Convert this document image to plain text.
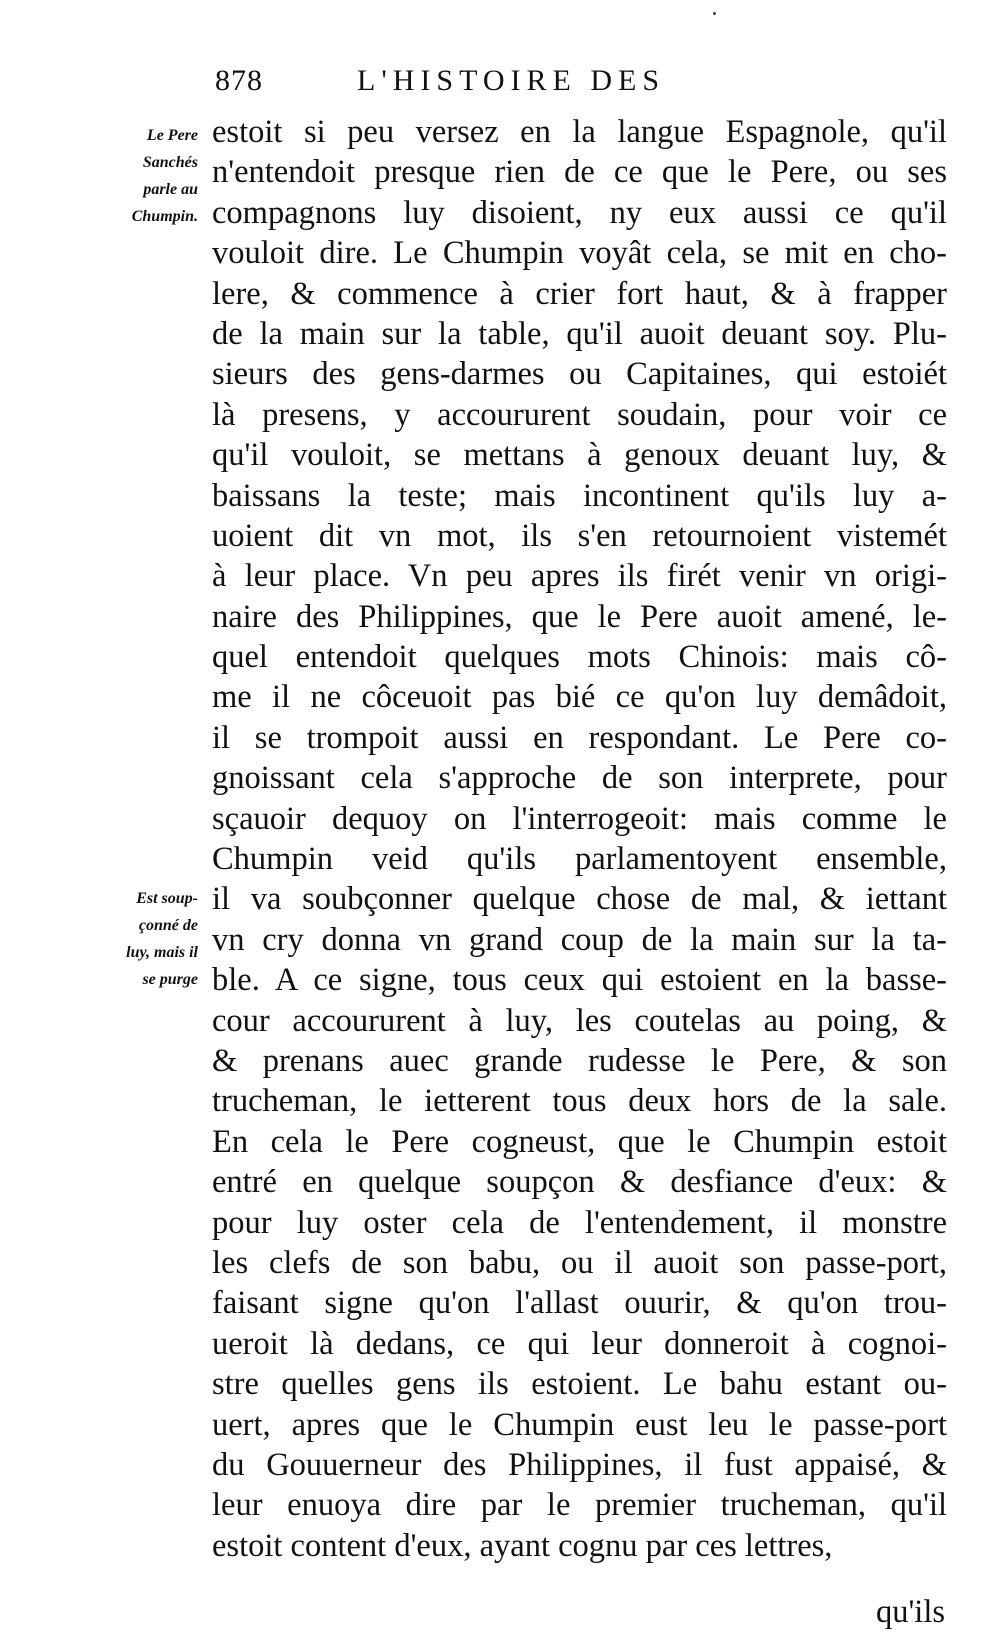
878	L'HISTOIRE DES
Le Pere
Sanchés
parle au
Chumpin.
Est soup-
çonné de
luy, mais il
se purge
estoit si peu versez en la langue Espagnole, qu'il
n'entendoit presque rien de ce que le Pere, ou ses
compagnons luy disoient, ny eux aussi ce qu'il
vouloit dire. Le Chumpin voyât cela, se mit en cho-
lere, & commence à crier fort haut, & à frapper
de la main sur la table, qu'il auoit deuant soy. Plu-
sieurs des gens-darmes ou Capitaines, qui estoiét
là presens, y accoururent soudain, pour voir ce
qu'il vouloit, se mettans à genoux deuant luy, &
baissans la teste; mais incontinent qu'ils luy a-
uoient dit vn mot, ils s'en retournoient vistemét
à leur place. Vn peu apres ils firét venir vn origi-
naire des Philippines, que le Pere auoit amené, le-
quel entendoit quelques mots Chinois: mais cô-
me il ne côceuoit pas bié ce qu'on luy demâdoit,
il se trompoit aussi en respondant. Le Pere co-
gnoissant cela s'approche de son interprete, pour
sçauoir dequoy on l'interrogeoit: mais comme le
Chumpin veid qu'ils parlamentoyent ensemble,
il va soubçonner quelque chose de mal, & iettant
vn cry donna vn grand coup de la main sur la ta-
ble. A ce signe, tous ceux qui estoient en la basse-
cour accoururent à luy, les coutelas au poing, &
& prenans auec grande rudesse le Pere, & son
trucheman, le ietterent tous deux hors de la sale.
En cela le Pere cogneust, que le Chumpin estoit
entré en quelque soupçon & desfiance d'eux: &
pour luy oster cela de l'entendement, il monstre
les clefs de son babu, ou il auoit son passe-port,
faisant signe qu'on l'allast ouurir, & qu'on trou-
ueroit là dedans, ce qui leur donneroit à cognoi-
stre quelles gens ils estoient. Le bahu estant ou-
uert, apres que le Chumpin eust leu le passe-port
du Gouuerneur des Philippines, il fust appaisé, &
leur enuoya dire par le premier trucheman, qu'il
estoit content d'eux, ayant cognu par ces lettres,
qu'ils
